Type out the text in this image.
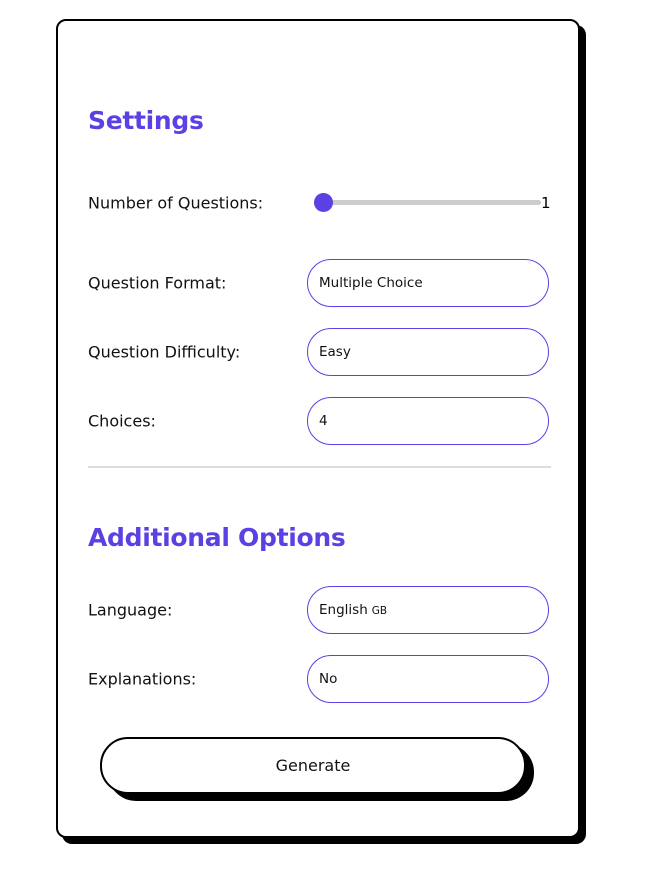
Settings
Number of Questions:	1
Question Format:	Multiple Choice
Question Difficulty:	Easy
Choices:	4
Additional Options
Language:	English GB
Explanations:	No
Generate
